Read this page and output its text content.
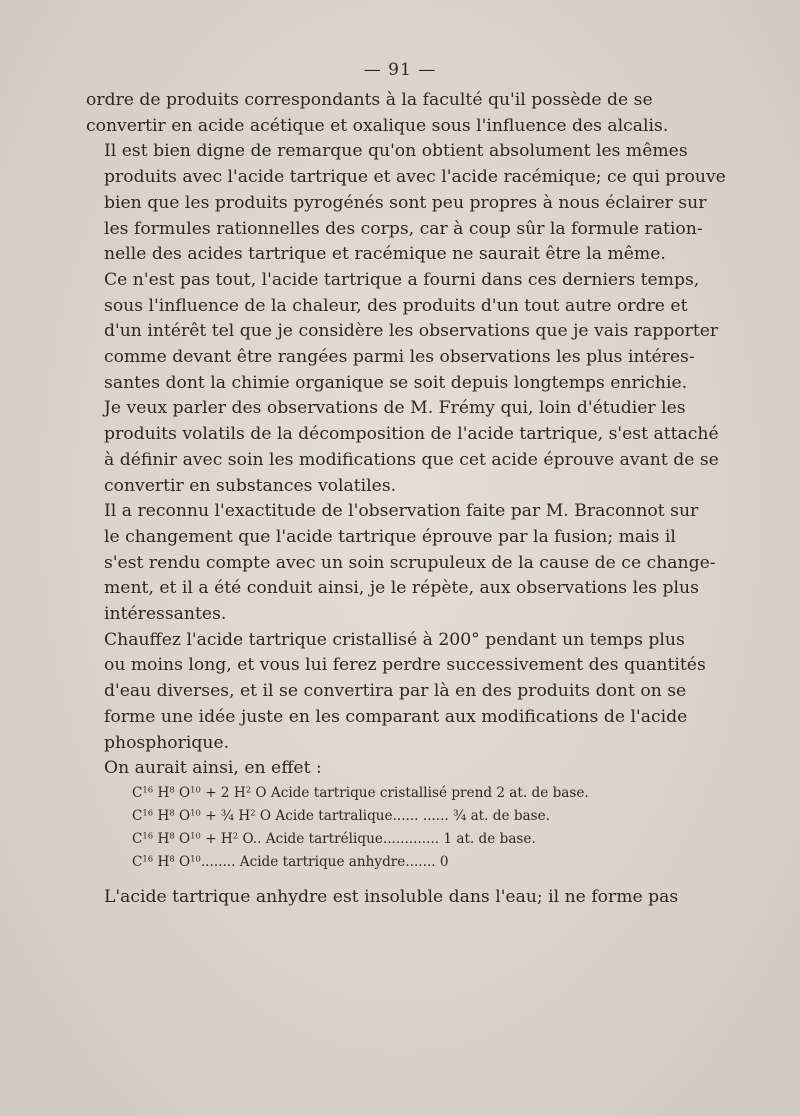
— 91 —

ordre de produits correspondants à la faculté qu'il possède de se
convertir en acide acétique et oxalique sous l'influence des alcalis.

Il est bien digne de remarque qu'on obtient absolument les mêmes
produits avec l'acide tartrique et avec l'acide racémique; ce qui prouve
bien que les produits pyrogénés sont peu propres à nous éclairer sur
les formules rationnelles des corps, car à coup sûr la formule ration-
nelle des acides tartrique et racémique ne saurait être la même.

Ce n'est pas tout, l'acide tartrique a fourni dans ces derniers temps,
sous l'influence de la chaleur, des produits d'un tout autre ordre et
d'un intérêt tel que je considère les observations que je vais rapporter
comme devant être rangées parmi les observations les plus intéres-
santes dont la chimie organique se soit depuis longtemps enrichie.

Je veux parler des observations de M. Frémy qui, loin d'étudier les
produits volatils de la décomposition de l'acide tartrique, s'est attaché
à définir avec soin les modifications que cet acide éprouve avant de se
convertir en substances volatiles.

Il a reconnu l'exactitude de l'observation faite par M. Braconnot sur
le changement que l'acide tartrique éprouve par la fusion; mais il
s'est rendu compte avec un soin scrupuleux de la cause de ce change-
ment, et il a été conduit ainsi, je le répète, aux observations les plus
intéressantes.

Chauffez l'acide tartrique cristallisé à 200° pendant un temps plus
ou moins long, et vous lui ferez perdre successivement des quantités
d'eau diverses, et il se convertira par là en des produits dont on se
forme une idée juste en les comparant aux modifications de l'acide
phosphorique.

On aurait ainsi, en effet :

$C^{16}$ $H^8$ $O^{10} + 2$ $H^2$ O Acide tartrique cristallisé prend 2 at. de base.
$C^{16}$ $H^8$ $O^{10}$ + ¾ $H^2$ O Acide tartralique...... ...... ¾ at. de base.
$C^{16}$ $H^8$ $O^{10} + H^2$ O.. Acide tartrélique............. 1 at. de base.
$C^{16}$ $H^8$ $O^{10}$........ Acide tartrique anhydre....... 0
L'acide tartrique anhydre est insoluble dans l'eau; il ne forme pas
